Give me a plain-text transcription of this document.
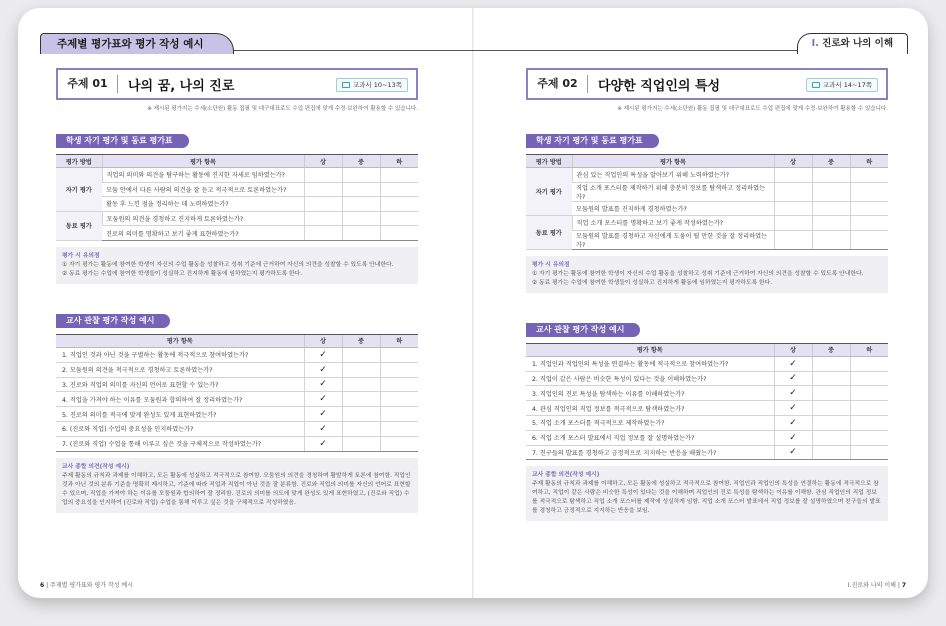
주제별 평가표와 평가 작성 예시	Ⅰ. 진로와 나의 이해
주제 01	나의 꿈, 나의 진로	교과서 10~13쪽
※ 제시된 평가지는 수세(소단원) 활동 집필 및 대구대표로도 수업 편집에 맞게 수정·보완하여 활용할 수 있습니다.
학생 자기 평가 및 동료 평가표
평가 방법	평가 항목	상	중	하
자기 평가	직업의 의미와 의견을 탐구하는 활동에 진지한 자세로 임하였는가?			
	모둠 안에서 다른 사람의 의견을 잘 듣고 적극적으로 토론하였는가?			
	활동 후 느낀 점을 정리하는 데 노력하였는가?			
동료 평가	모둠원의 의견을 경청하고 진지하게 토론하였는가?			
	진로의 의미를 명확하고 보기 좋게 표현하였는가?			
평가 시 유의점
① 자기 평가는 활동에 참여한 학생이 자신의 수업 활동을 성찰하고 성취 기준에 근거하여 자신의 의견을 성찰할 수 있도록 안내한다.
② 동료 평가는 수업에 참여한 학생들이 성실하고 진지하게 활동에 임하였는지 평가하도록 한다.
교사 관찰 평가 작성 예시
평가 항목	상	중	하
1. 직업인 것과 아닌 것을 구별하는 활동에 적극적으로 참여하였는가?	✓		
2. 모둠원의 의견을 적극적으로 경청하고 토론하였는가?	✓		
3. 진로와 직업의 의미를 자신의 언어로 표현할 수 있는가?	✓		
4. 직업을 가져야 하는 이유를 모둠원과 합의하여 잘 정리하였는가?	✓		
5. 진로의 의미를 적극에 맞게 완성도 있게 표현하였는가?	✓		
6. (진로와 직업) 수업의 중요성을 인지하였는가?	✓		
7. (진로와 직업) 수업을 통해 이루고 싶은 것을 구체적으로 작성하였는가?	✓		
교사 종합 의견(작성 예시)
주제 활동의 규칙과 과제를 이해하고, 모든 활동에 성실하고 적극적으로 참여함. 모둠원의 의견을 경청하며 활발하게 토론에 참여함. 직업인 것과 아닌 것의 분류 기준을 명확히 제시하고, 기준에 따라 직업과 직업이 아닌 것을 잘 분류함. 진로와 직업의 의미를 자신의 언어로 표현할 수 있으며, 직업을 가져야 하는 이유를 모둠원과 합의하여 잘 정리함. 진로의 의미를 의도에 맞게 완성도 있게 표현하였고, (진로와 직업) 수업의 중요성을 인지하여 (진로와 직업) 수업을 통해 이루고 싶은 것을 구체적으로 작성하였음.
주제 02	다양한 직업인의 특성	교과서 14~17쪽
※ 제시된 평가지는 수세(소단원) 활동 집필 및 대구대표로도 수업 편집에 맞게 수정·보완하여 활용할 수 있습니다.
학생 자기 평가 및 동료 평가표
평가 방법	평가 항목	상	중	하
자기 평가	관심 있는 직업인의 특성을 알아보기 위해 노력하였는가?			
	직업 소개 포스터를 제작하기 위해 충분히 정보를 탐색하고 정리하였는가?			
	모둠원의 발표를 진지하게 경청하였는가?			
동료 평가	직업 소개 포스터를 명확하고 보기 좋게 작성하였는가?			
	모둠원의 발표를 경청하고 자신에게 도움이 될 만한 것을 잘 정리하였는가?			
평가 시 유의점
① 자기 평가는 활동에 참여한 학생이 자신의 수업 활동을 성찰하고 성취 기준에 근거하여 자신의 의견을 성찰할 수 있도록 안내한다.
② 동료 평가는 수업에 참여한 학생들이 성실하고 진지하게 활동에 임하였는지 평가하도록 한다.
교사 관찰 평가 작성 예시
평가 항목	상	중	하
1. 직업인과 직업인의 특성을 연결하는 활동에 적극적으로 참여하였는가?	✓		
2. 직업이 같은 사람은 비슷한 특성이 있다는 것을 이해하였는가?	✓		
3. 직업인의 진로 특성을 탐색하는 이유를 이해하였는가?	✓		
4. 관심 직업인의 직업 정보를 적극적으로 탐색하였는가?	✓		
5. 직업 소개 포스터를 적극적으로 제작하였는가?	✓		
6. 직업 소개 포스터 발표에서 직업 정보를 잘 설명하였는가?	✓		
7. 친구들의 발표를 경청하고 긍정적으로 지지하는 반응을 해줬는가?	✓		
교사 종합 의견(작성 예시)
주제 활동의 규칙과 과제를 이해하고, 모든 활동에 성실하고 적극적으로 참여함. 직업인과 직업인의 특성을 연결하는 활동에 적극적으로 참여하고, 직업이 같은 사람은 비슷한 특성이 있다는 것을 이해하며 직업인의 진로 특성을 탐색하는 이유를 이해함. 관심 직업인의 직업 정보를 적극적으로 탐색하고 직업 소개 포스터를 제작에 성실하게 임함. 직업 소개 포스터 발표에서 직업 정보를 잘 설명하였으며 친구들의 발표를 경청하고 긍정적으로 지지하는 반응을 보임.
6 | 주제별 평가표와 평가 작성 예시	Ⅰ.진로와 나의 이해 | 7
